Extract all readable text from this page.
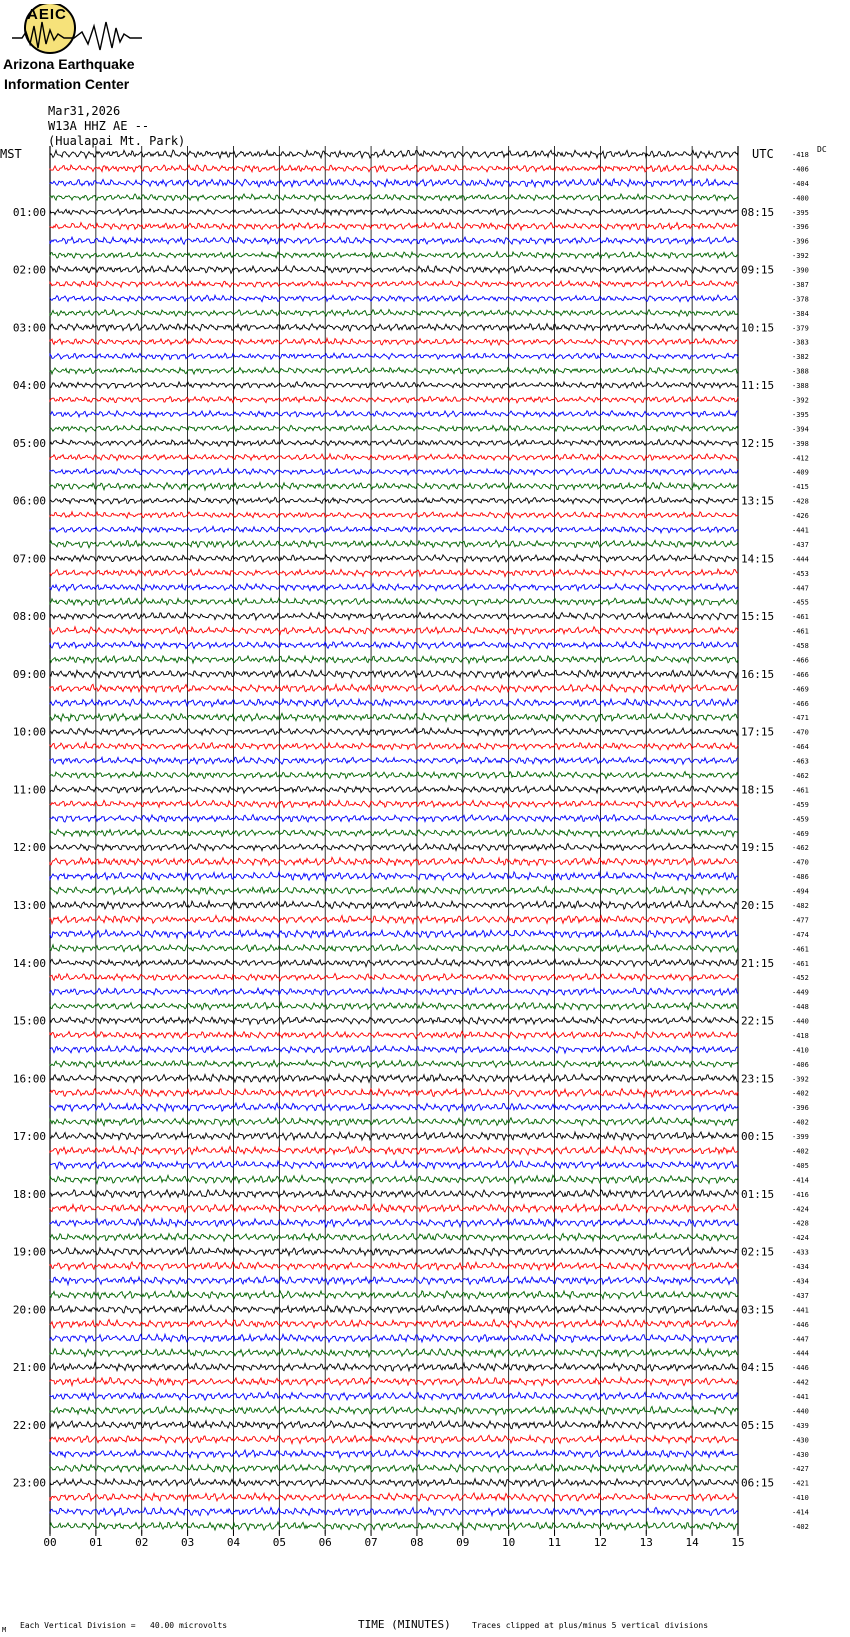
-418
-406
-404
-400
-395
-396
-396
-392
-390
-387
-378
-384
-379
-383
-382
-388
-388
-392
-395
-394
-398
-412
-409
-415
-428
-426
-441
-437
-444
-453
-447
-455
-461
-461
-458
-466
-466
-469
-466
-471
-470
-464
-463
-462
-461
-459
-459
-469
-462
-470
-486
-494
-482
-477
-474
-461
-461
-452
-449
-448
-440
-418
-410
-406
-392
-402
-396
-402
-399
-402
-405
-414
-416
-424
-428
-424
-433
-434
-434
-437
-441
-446
-447
-444
-446
-442
-441
-440
-439
-430
-430
-427
-421
-410
-414
-402
01:00
02:00
03:00
04:00
05:00
06:00
07:00
08:00
09:00
10:00
11:00
12:00
13:00
14:00
15:00
16:00
17:00
18:00
19:00
20:00
21:00
22:00
23:00
08:15
09:15
10:15
11:15
12:15
13:15
14:15
15:15
16:15
17:15
18:15
19:15
20:15
21:15
22:15
23:15
00:15
01:15
02:15
03:15
04:15
05:15
06:15
00	01	02	03	04	05	06	07	08	09	10	11	12	13	14	15
AEIC
Arizona Earthquake
Information Center
Mar31,2026
W13A HHZ AE --
(Hualapai Mt. Park)
MST	UTC	DC
M Each Vertical Division =   40.00 microvolts	TIME (MINUTES)	Traces clipped at plus/minus 5 vertical divisions
